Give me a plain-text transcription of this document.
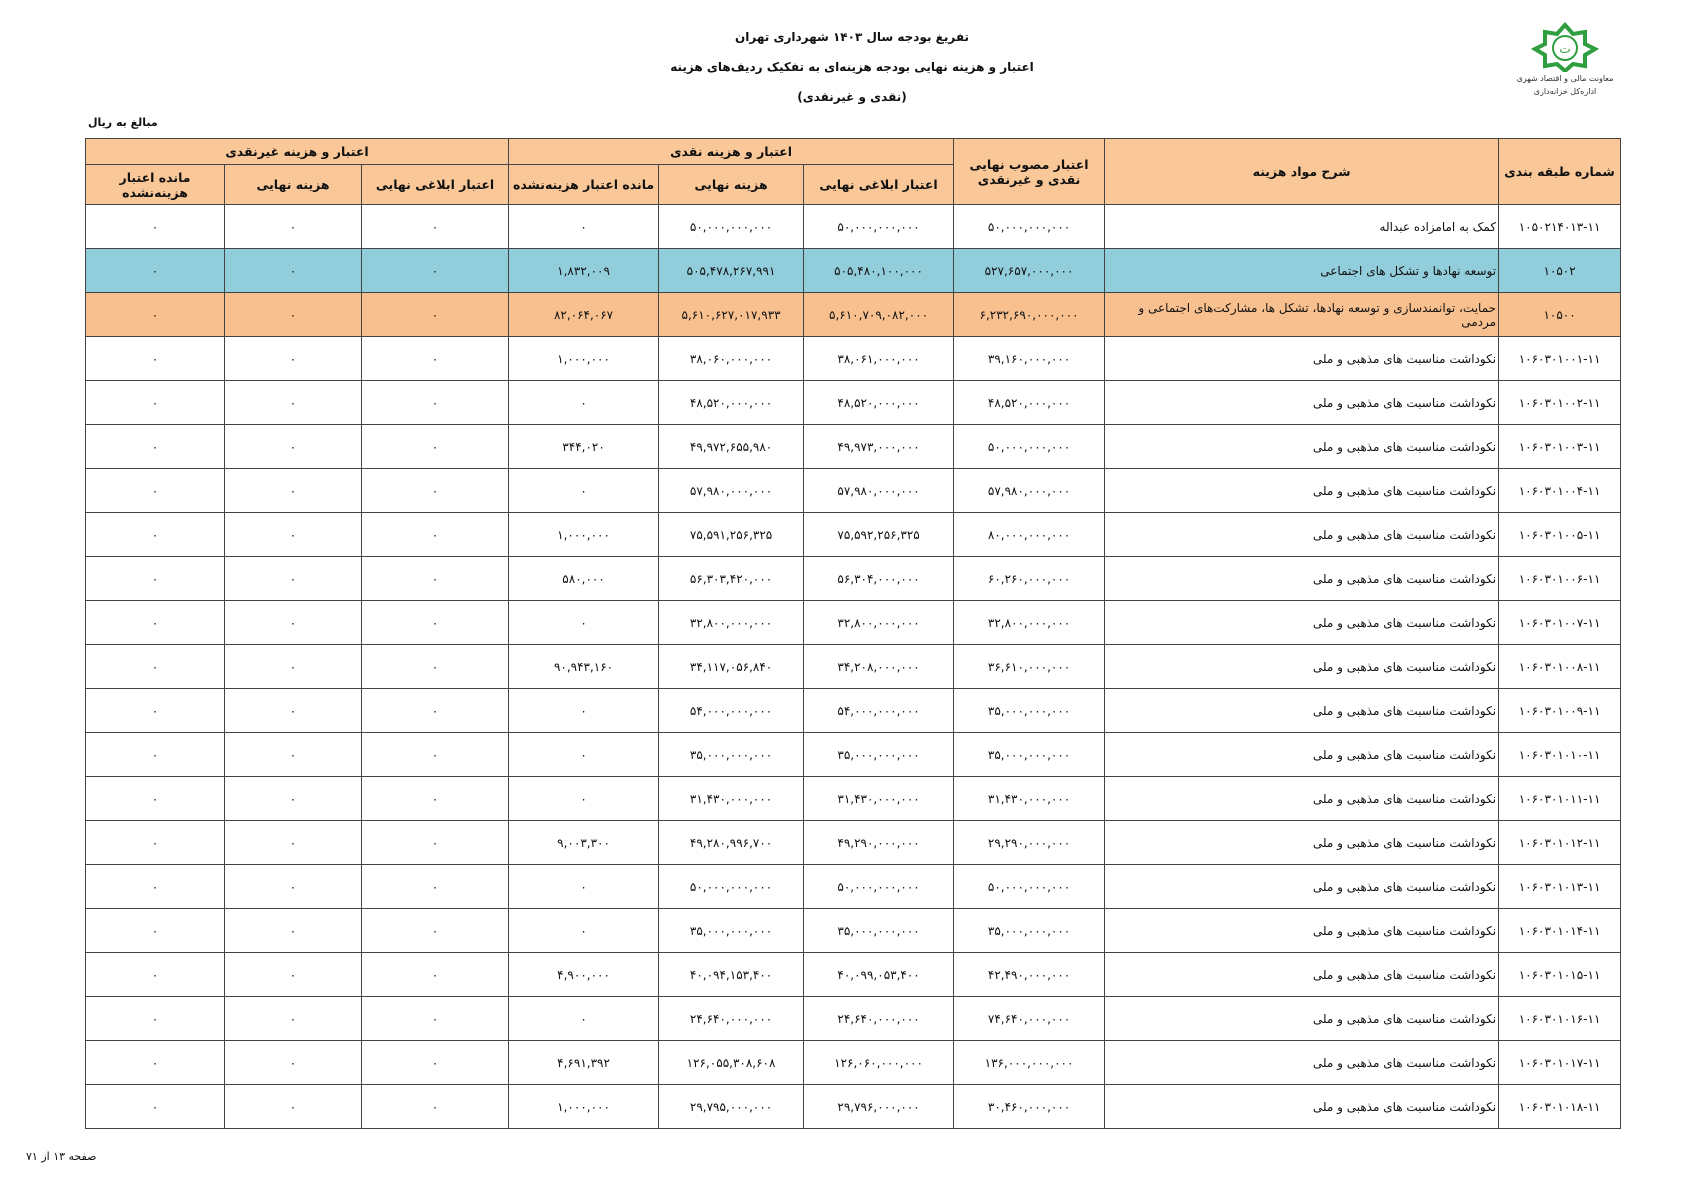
تفریغ بودجه سال ۱۴۰۳ شهرداری تهران
اعتبار و هزینه نهایی بودجه هزینه‌ای به تفکیک ردیف‌های هزینه
(نقدی و غیرنقدی)
ت
معاونت مالی و اقتصاد شهری
اداره‌کل خزانه‌داری
مبالغ به ریال
شماره طبقه بندی	شرح مواد هزینه	اعتبار مصوب نهایی نقدی و غیرنقدی	اعتبار و هزینه نقدی			اعتبار و هزینه غیرنقدی		
			اعتبار ابلاغی نهایی	هزینه نهایی	مانده اعتبار هزینه‌نشده	اعتبار ابلاغی نهایی	هزینه نهایی	مانده اعتبار هزینه‌نشده
۱۰۵۰۲۱۴۰۱۳-۱۱	کمک به امامزاده عبداله	۵۰,۰۰۰,۰۰۰,۰۰۰	۵۰,۰۰۰,۰۰۰,۰۰۰	۵۰,۰۰۰,۰۰۰,۰۰۰	۰	۰	۰	۰
۱۰۵۰۲	توسعه نهادها و تشکل های اجتماعی	۵۲۷,۶۵۷,۰۰۰,۰۰۰	۵۰۵,۴۸۰,۱۰۰,۰۰۰	۵۰۵,۴۷۸,۲۶۷,۹۹۱	۱,۸۳۲,۰۰۹	۰	۰	۰
۱۰۵۰۰	حمایت، توانمندسازی و توسعه نهادها، تشکل ها، مشارکت‌های اجتماعی و مردمی	۶,۲۳۲,۶۹۰,۰۰۰,۰۰۰	۵,۶۱۰,۷۰۹,۰۸۲,۰۰۰	۵,۶۱۰,۶۲۷,۰۱۷,۹۳۳	۸۲,۰۶۴,۰۶۷	۰	۰	۰
۱۰۶۰۳۰۱۰۰۱-۱۱	نکوداشت مناسبت های مذهبی و ملی	۳۹,۱۶۰,۰۰۰,۰۰۰	۳۸,۰۶۱,۰۰۰,۰۰۰	۳۸,۰۶۰,۰۰۰,۰۰۰	۱,۰۰۰,۰۰۰	۰	۰	۰
۱۰۶۰۳۰۱۰۰۲-۱۱	نکوداشت مناسبت های مذهبی و ملی	۴۸,۵۲۰,۰۰۰,۰۰۰	۴۸,۵۲۰,۰۰۰,۰۰۰	۴۸,۵۲۰,۰۰۰,۰۰۰	۰	۰	۰	۰
۱۰۶۰۳۰۱۰۰۳-۱۱	نکوداشت مناسبت های مذهبی و ملی	۵۰,۰۰۰,۰۰۰,۰۰۰	۴۹,۹۷۳,۰۰۰,۰۰۰	۴۹,۹۷۲,۶۵۵,۹۸۰	۳۴۴,۰۲۰	۰	۰	۰
۱۰۶۰۳۰۱۰۰۴-۱۱	نکوداشت مناسبت های مذهبی و ملی	۵۷,۹۸۰,۰۰۰,۰۰۰	۵۷,۹۸۰,۰۰۰,۰۰۰	۵۷,۹۸۰,۰۰۰,۰۰۰	۰	۰	۰	۰
۱۰۶۰۳۰۱۰۰۵-۱۱	نکوداشت مناسبت های مذهبی و ملی	۸۰,۰۰۰,۰۰۰,۰۰۰	۷۵,۵۹۲,۲۵۶,۳۲۵	۷۵,۵۹۱,۲۵۶,۳۲۵	۱,۰۰۰,۰۰۰	۰	۰	۰
۱۰۶۰۳۰۱۰۰۶-۱۱	نکوداشت مناسبت های مذهبی و ملی	۶۰,۲۶۰,۰۰۰,۰۰۰	۵۶,۳۰۴,۰۰۰,۰۰۰	۵۶,۳۰۳,۴۲۰,۰۰۰	۵۸۰,۰۰۰	۰	۰	۰
۱۰۶۰۳۰۱۰۰۷-۱۱	نکوداشت مناسبت های مذهبی و ملی	۳۲,۸۰۰,۰۰۰,۰۰۰	۳۲,۸۰۰,۰۰۰,۰۰۰	۳۲,۸۰۰,۰۰۰,۰۰۰	۰	۰	۰	۰
۱۰۶۰۳۰۱۰۰۸-۱۱	نکوداشت مناسبت های مذهبی و ملی	۳۶,۶۱۰,۰۰۰,۰۰۰	۳۴,۲۰۸,۰۰۰,۰۰۰	۳۴,۱۱۷,۰۵۶,۸۴۰	۹۰,۹۴۳,۱۶۰	۰	۰	۰
۱۰۶۰۳۰۱۰۰۹-۱۱	نکوداشت مناسبت های مذهبی و ملی	۳۵,۰۰۰,۰۰۰,۰۰۰	۵۴,۰۰۰,۰۰۰,۰۰۰	۵۴,۰۰۰,۰۰۰,۰۰۰	۰	۰	۰	۰
۱۰۶۰۳۰۱۰۱۰-۱۱	نکوداشت مناسبت های مذهبی و ملی	۳۵,۰۰۰,۰۰۰,۰۰۰	۳۵,۰۰۰,۰۰۰,۰۰۰	۳۵,۰۰۰,۰۰۰,۰۰۰	۰	۰	۰	۰
۱۰۶۰۳۰۱۰۱۱-۱۱	نکوداشت مناسبت های مذهبی و ملی	۳۱,۴۳۰,۰۰۰,۰۰۰	۳۱,۴۳۰,۰۰۰,۰۰۰	۳۱,۴۳۰,۰۰۰,۰۰۰	۰	۰	۰	۰
۱۰۶۰۳۰۱۰۱۲-۱۱	نکوداشت مناسبت های مذهبی و ملی	۲۹,۲۹۰,۰۰۰,۰۰۰	۴۹,۲۹۰,۰۰۰,۰۰۰	۴۹,۲۸۰,۹۹۶,۷۰۰	۹,۰۰۳,۳۰۰	۰	۰	۰
۱۰۶۰۳۰۱۰۱۳-۱۱	نکوداشت مناسبت های مذهبی و ملی	۵۰,۰۰۰,۰۰۰,۰۰۰	۵۰,۰۰۰,۰۰۰,۰۰۰	۵۰,۰۰۰,۰۰۰,۰۰۰	۰	۰	۰	۰
۱۰۶۰۳۰۱۰۱۴-۱۱	نکوداشت مناسبت های مذهبی و ملی	۳۵,۰۰۰,۰۰۰,۰۰۰	۳۵,۰۰۰,۰۰۰,۰۰۰	۳۵,۰۰۰,۰۰۰,۰۰۰	۰	۰	۰	۰
۱۰۶۰۳۰۱۰۱۵-۱۱	نکوداشت مناسبت های مذهبی و ملی	۴۲,۴۹۰,۰۰۰,۰۰۰	۴۰,۰۹۹,۰۵۳,۴۰۰	۴۰,۰۹۴,۱۵۳,۴۰۰	۴,۹۰۰,۰۰۰	۰	۰	۰
۱۰۶۰۳۰۱۰۱۶-۱۱	نکوداشت مناسبت های مذهبی و ملی	۷۴,۶۴۰,۰۰۰,۰۰۰	۲۴,۶۴۰,۰۰۰,۰۰۰	۲۴,۶۴۰,۰۰۰,۰۰۰	۰	۰	۰	۰
۱۰۶۰۳۰۱۰۱۷-۱۱	نکوداشت مناسبت های مذهبی و ملی	۱۳۶,۰۰۰,۰۰۰,۰۰۰	۱۲۶,۰۶۰,۰۰۰,۰۰۰	۱۲۶,۰۵۵,۳۰۸,۶۰۸	۴,۶۹۱,۳۹۲	۰	۰	۰
۱۰۶۰۳۰۱۰۱۸-۱۱	نکوداشت مناسبت های مذهبی و ملی	۳۰,۴۶۰,۰۰۰,۰۰۰	۲۹,۷۹۶,۰۰۰,۰۰۰	۲۹,۷۹۵,۰۰۰,۰۰۰	۱,۰۰۰,۰۰۰	۰	۰	۰
صفحه ۱۳ از ۷۱
